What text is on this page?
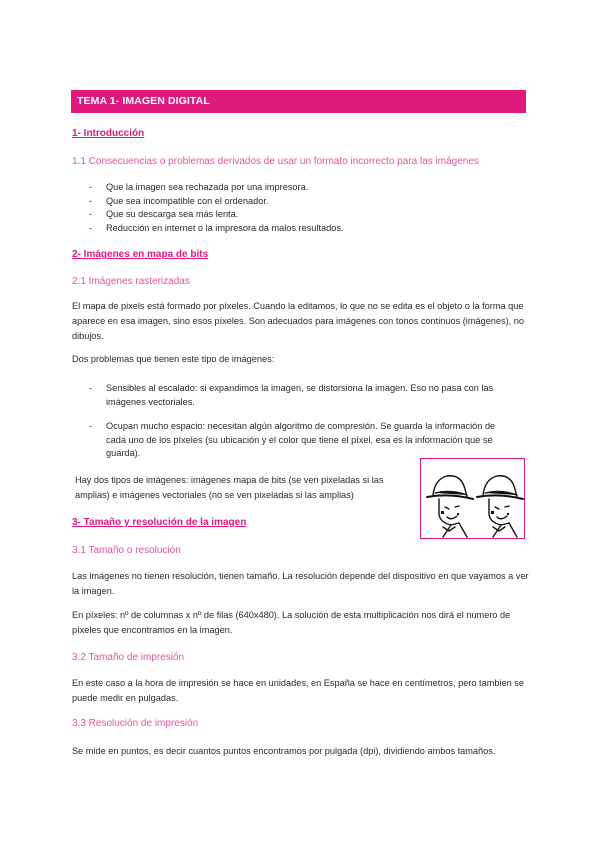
TEMA 1- IMAGEN DIGITAL
1- Introducción
1.1 Consecuencias o problemas derivados de usar un formato incorrecto para las imágenes
- Que la imagen sea rechazada por una impresora.
- Que sea incompatible con el ordenador.
- Que su descarga sea más lenta.
- Reducción en internet o la impresora da malos resultados.
2- Imágenes en mapa de bits
2.1 Imágenes rasterizadas
El mapa de pixels está formado por píxeles. Cuando la editamos, lo que no se edita es el objeto o la forma que aparece en esa imagen, sino esos píxeles. Son adecuados para imágenes con tonos continuos (imágenes), no dibujos.
Dos problemas que tienen este tipo de imágenes:
- Sensibles al escalado: si expandimos la imagen, se distorsiona la imagen. Eso no pasa con las imágenes vectoriales.
- Ocupan mucho espacio: necesitan algún algoritmo de compresión. Se guarda la información de cada uno de los píxeles (su ubicación y el color que tiene el píxel, esa es la información que se guarda).
Hay dos tipos de imágenes: imágenes mapa de bits (se ven pixeladas si las amplias) e imágenes vectoriales (no se ven pixeladas si las amplias)
3- Tamaño y resolución de la imagen
3.1 Tamaño o resolución
Las imágenes no tienen resolución, tienen tamaño. La resolución depende del dispositivo en que vayamos a ver la imagen.
En píxeles: nº de columnas x nº de filas (640x480). La solución de esta multiplicación nos dirá el numero de píxeles que encontramos en la imagen.
3.2 Tamaño de impresión
En este caso a la hora de impresión se hace en unidades, en España se hace en centímetros, pero tambien se puede medir en pulgadas.
3.3 Resolución de impresión
Se mide en puntos, es decir cuantos puntos encontramos por pulgada (dpi), dividiendo ambos tamaños.
